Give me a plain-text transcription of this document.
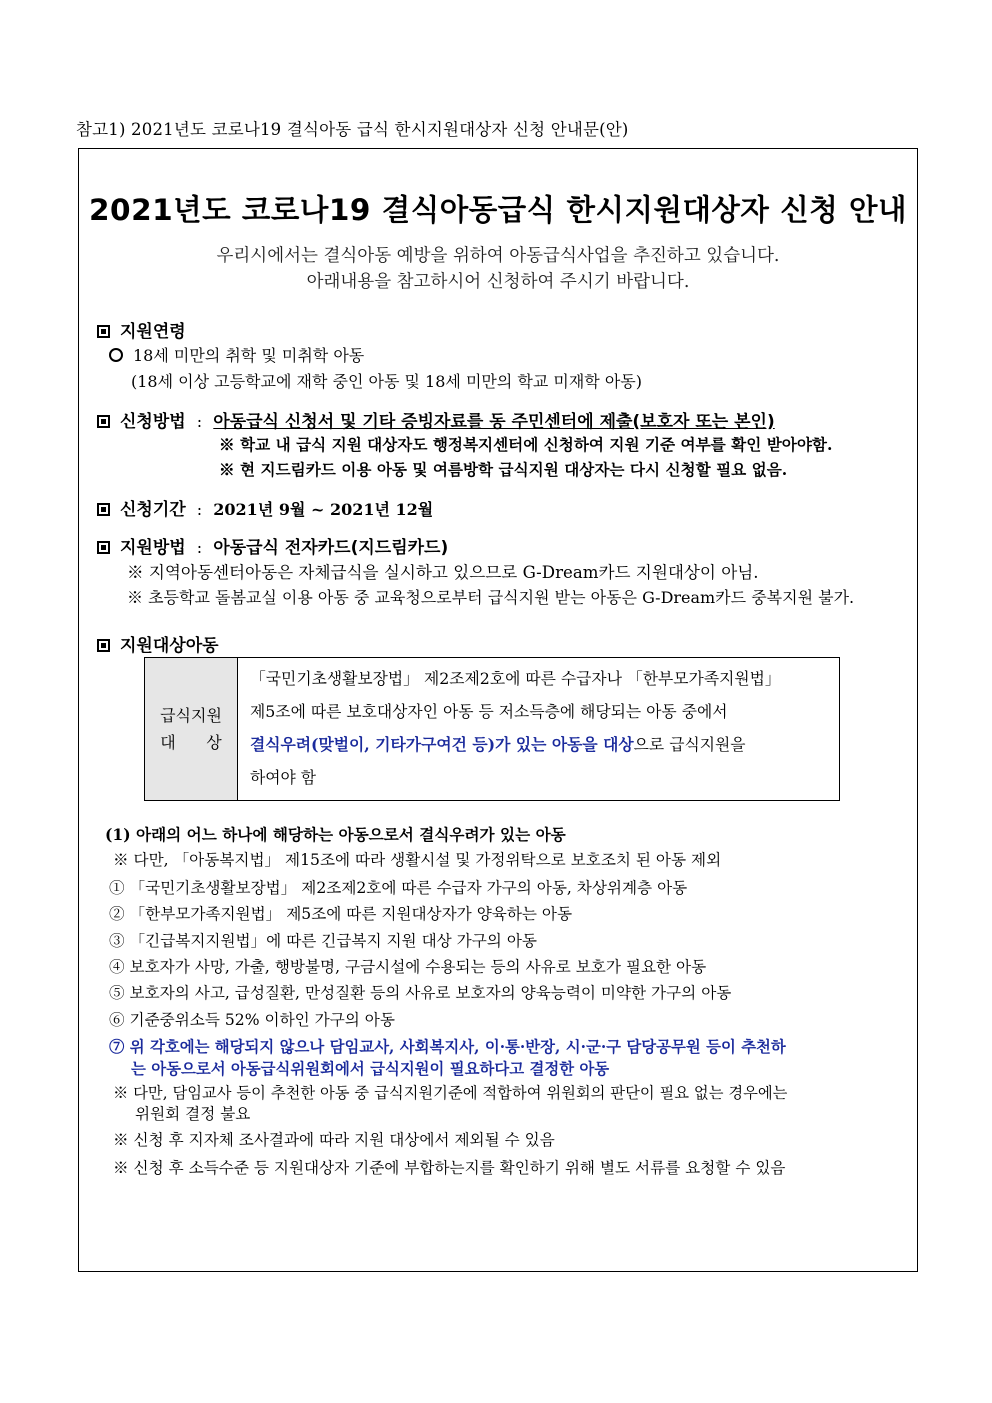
참고1) 2021년도 코로나19 결식아동 급식 한시지원대상자 신청 안내문(안)
2021년도 코로나19 결식아동급식 한시지원대상자 신청 안내
우리시에서는 결식아동 예방을 위하여 아동급식사업을 추진하고 있습니다.
아래내용을 참고하시어 신청하여 주시기 바랍니다.
지원연령
18세 미만의 취학 및 미취학 아동
(18세 이상 고등학교에 재학 중인 아동 및 18세 미만의 학교 미재학 아동)
신청방법 : 아동급식 신청서 및 기타 증빙자료를 동 주민센터에 제출(보호자 또는 본인)
※ 학교 내 급식 지원 대상자도 행정복지센터에 신청하여 지원 기준 여부를 확인 받아야함.
※ 현 지드림카드 이용 아동 및 여름방학 급식지원 대상자는 다시 신청할 필요 없음.
신청기간 : 2021년 9월 ~ 2021년 12월
지원방법 : 아동급식 전자카드(지드림카드)
※ 지역아동센터아동은 자체급식을 실시하고 있으므로 G-Dream카드 지원대상이 아님.
※ 초등학교 돌봄교실 이용 아동 중 교육청으로부터 급식지원 받는 아동은 G-Dream카드 중복지원 불가.
지원대상아동
급식지원
대      상

「국민기초생활보장법」 제2조제2호에 따른 수급자나 「한부모가족지원법」
제5조에 따른 보호대상자인 아동 등 저소득층에 해당되는 아동 중에서
결식우려(맞벌이, 기타가구여건 등)가 있는 아동을 대상으로 급식지원을
하여야 함
(1) 아래의 어느 하나에 해당하는 아동으로서 결식우려가 있는 아동
※ 다만, 「아동복지법」 제15조에 따라 생활시설 및 가정위탁으로 보호조치 된 아동 제외
① 「국민기초생활보장법」 제2조제2호에 따른 수급자 가구의 아동, 차상위계층 아동
② 「한부모가족지원법」 제5조에 따른 지원대상자가 양육하는 아동
③ 「긴급복지지원법」에 따른 긴급복지 지원 대상 가구의 아동
④ 보호자가 사망, 가출, 행방불명, 구금시설에 수용되는 등의 사유로 보호가 필요한 아동
⑤ 보호자의 사고, 급성질환, 만성질환 등의 사유로 보호자의 양육능력이 미약한 가구의 아동
⑥ 기준중위소득 52% 이하인 가구의 아동
⑦ 위 각호에는 해당되지 않으나 담임교사, 사회복지사, 이·통·반장, 시·군·구 담당공무원 등이 추천하
는 아동으로서 아동급식위원회에서 급식지원이 필요하다고 결정한 아동
※ 다만, 담임교사 등이 추천한 아동 중 급식지원기준에 적합하여 위원회의 판단이 필요 없는 경우에는
위원회 결정 불요
※ 신청 후 지자체 조사결과에 따라 지원 대상에서 제외될 수 있음
※ 신청 후 소득수준 등 지원대상자 기준에 부합하는지를 확인하기 위해 별도 서류를 요청할 수 있음
